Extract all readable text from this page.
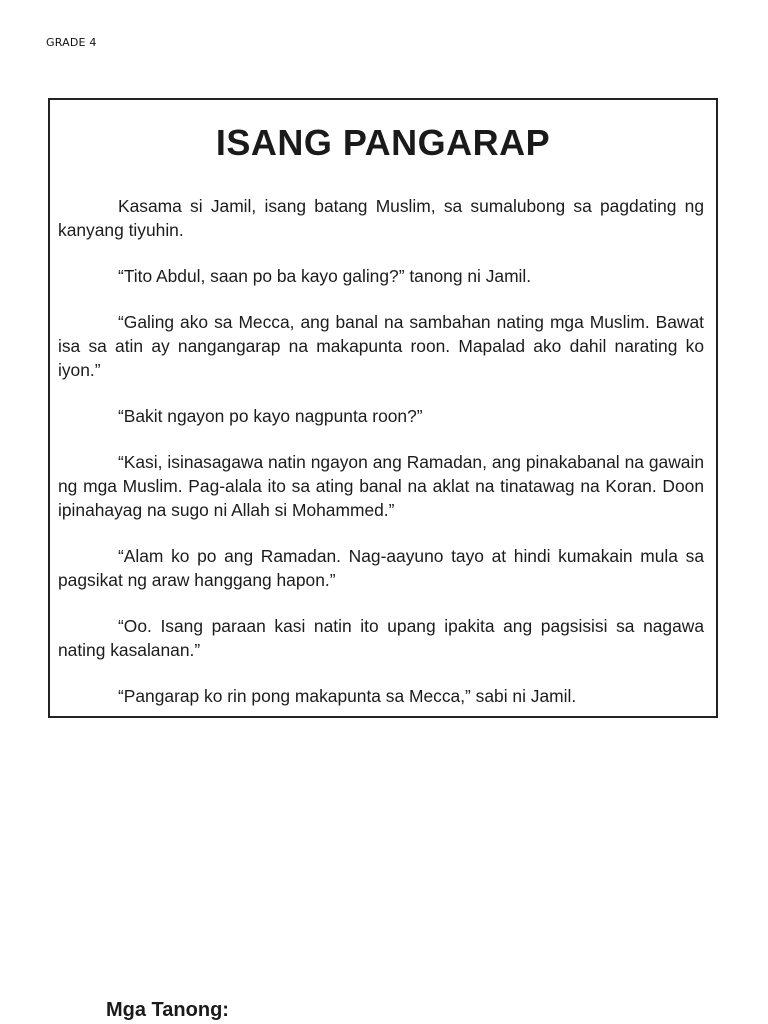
GRADE 4
ISANG PANGARAP

Kasama si Jamil, isang batang Muslim, sa sumalubong sa pagdating ng kanyang tiyuhin.

“Tito Abdul, saan po ba kayo galing?” tanong ni Jamil.

“Galing ako sa Mecca, ang banal na sambahan nating mga Muslim. Bawat isa sa atin ay nangangarap na makapunta roon. Mapalad ako dahil narating ko iyon.”

“Bakit ngayon po kayo nagpunta roon?”

“Kasi, isinasagawa natin ngayon ang Ramadan, ang pinakabanal na gawain ng mga Muslim. Pag-alala ito sa ating banal na aklat na tinatawag na Koran. Doon ipinahayag na sugo ni Allah si Mohammed.”

“Alam ko po ang Ramadan. Nag-aayuno tayo at hindi kumakain mula sa pagsikat ng araw hanggang hapon.”

“Oo. Isang paraan kasi natin ito upang ipakita ang pagsisisi sa nagawa nating kasalanan.”

“Pangarap ko rin pong makapunta sa Mecca,” sabi ni Jamil.

Mga Tanong:
